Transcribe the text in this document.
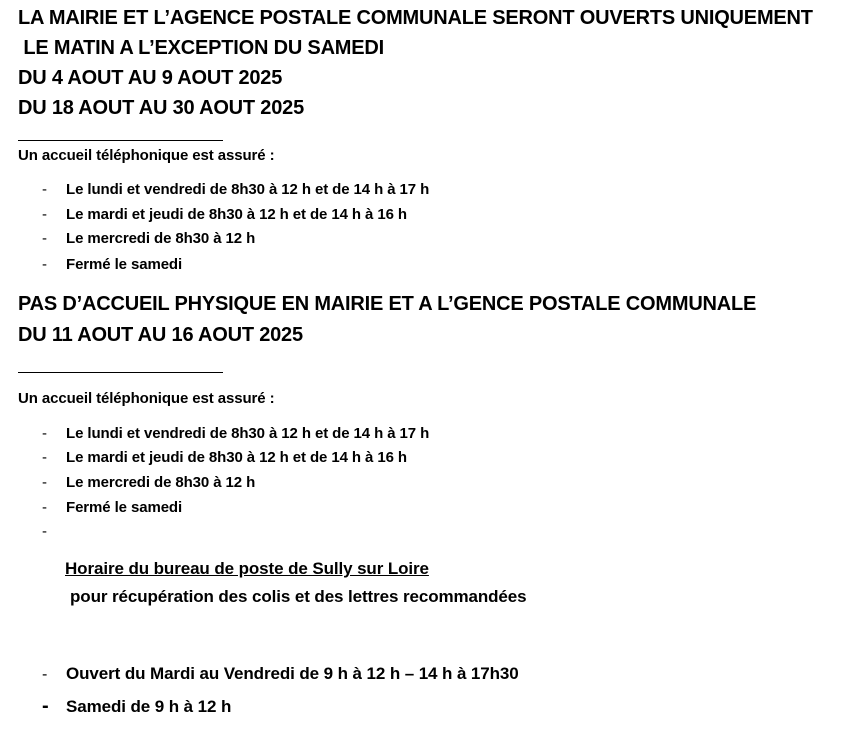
LA MAIRIE ET L’AGENCE POSTALE COMMUNALE SERONT OUVERTS UNIQUEMENT
LE MATIN A L’EXCEPTION DU SAMEDI
DU 4 AOUT AU 9 AOUT 2025
DU 18 AOUT AU 30 AOUT 2025
Un accueil téléphonique est assuré :
- Le lundi et vendredi de 8h30 à 12 h et de 14 h à 17 h
- Le mardi et jeudi de 8h30 à 12 h et de 14 h à 16 h
- Le mercredi de 8h30 à 12 h
- Fermé le samedi
PAS D’ACCUEIL PHYSIQUE EN MAIRIE ET A L’GENCE POSTALE COMMUNALE
DU 11 AOUT AU 16 AOUT 2025
Un accueil téléphonique est assuré :
- Le lundi et vendredi de 8h30 à 12 h et de 14 h à 17 h
- Le mardi et jeudi de 8h30 à 12 h et de 14 h à 16 h
- Le mercredi de 8h30 à 12 h
- Fermé le samedi
-
Horaire du bureau de poste de Sully sur Loire
pour récupération des colis et des lettres recommandées
- Ouvert du Mardi au Vendredi de 9 h à 12 h – 14 h à 17h30
- Samedi de 9 h à 12 h
